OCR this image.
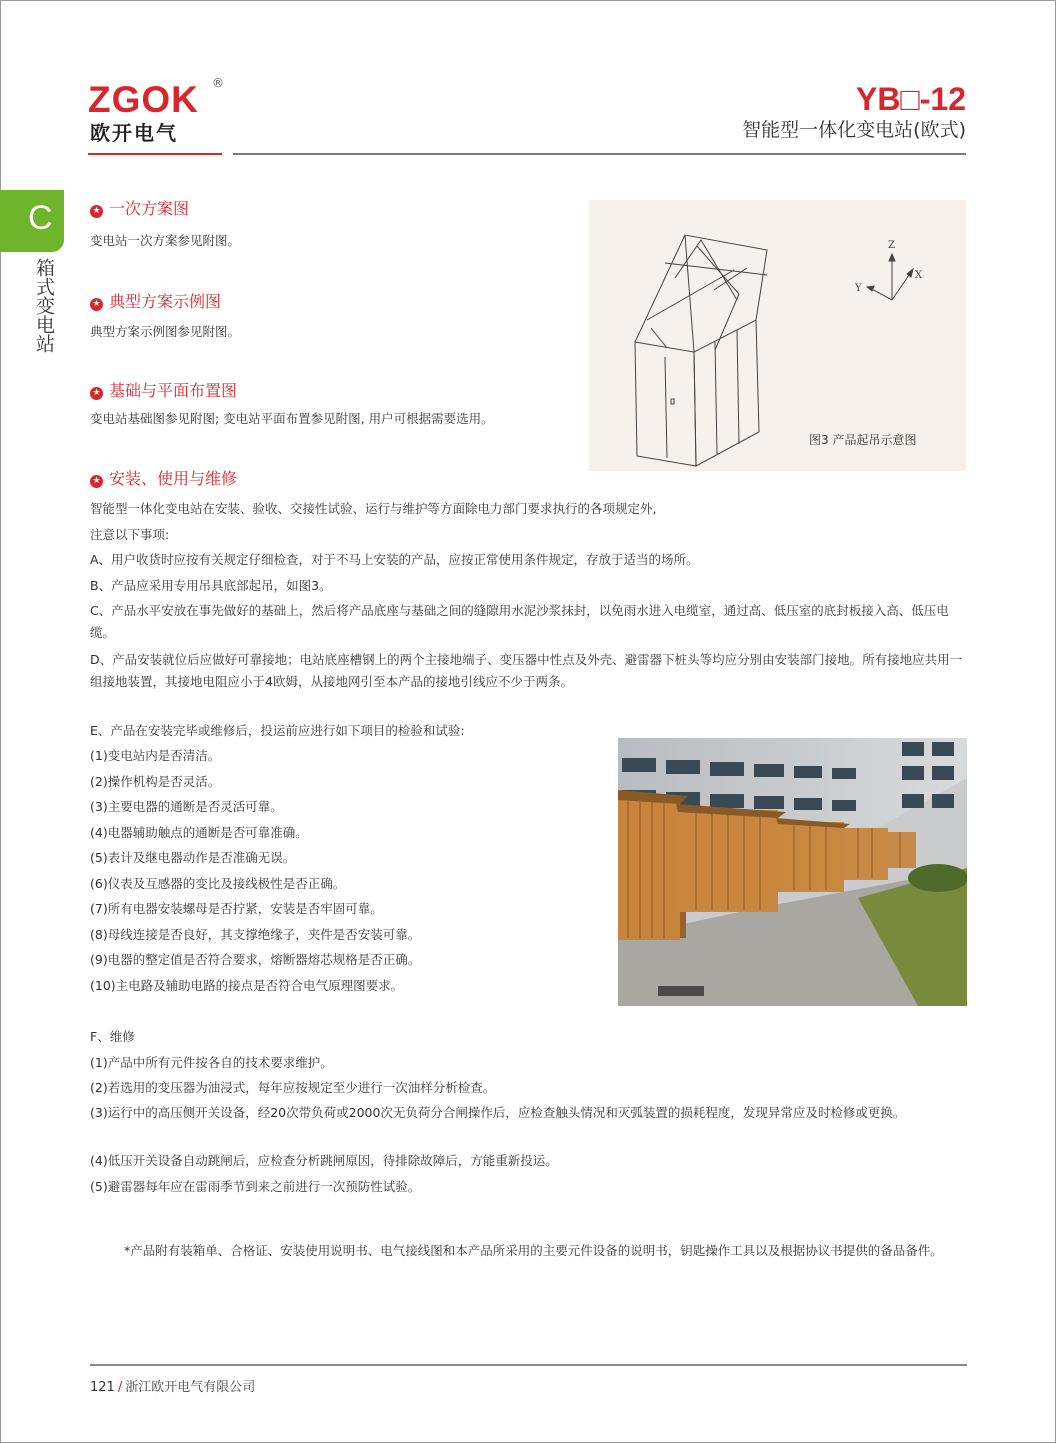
ZGOK ®
欧开电气
YB□-12
智能型一体化变电站(欧式)
C
箱式变电站
★ 一次方案图
变电站一次方案参见附图。
★ 典型方案示例图
典型方案示例图参见附图。
★ 基础与平面布置图
变电站基础图参见附图; 变电站平面布置参见附图, 用户可根据需要选用。
Z
X
Y
图3 产品起吊示意图
★ 安装、使用与维修
智能型一体化变电站在安装、验收、交接性试验、运行与维护等方面除电力部门要求执行的各项规定外,
注意以下事项:
A、用户收货时应按有关规定仔细检查，对于不马上安装的产品，应按正常使用条件规定，存放于适当的场所。
B、产品应采用专用吊具底部起吊，如图3。
C、产品水平安放在事先做好的基础上，然后将产品底座与基础之间的缝隙用水泥沙浆抹封，以免雨水进入电缆室，通过高、低压室的底封板接入高、低压电缆。
D、产品安装就位后应做好可靠接地；电站底座槽钢上的两个主接地端子、变压器中性点及外壳、避雷器下桩头等均应分别由安装部门接地。所有接地应共用一组接地装置，其接地电阻应小于4欧姆，从接地网引至本产品的接地引线应不少于两条。
E、产品在安装完毕或维修后，投运前应进行如下项目的检验和试验:
(1)变电站内是否清洁。
(2)操作机构是否灵活。
(3)主要电器的通断是否灵活可靠。
(4)电器辅助触点的通断是否可靠准确。
(5)表计及继电器动作是否准确无误。
(6)仪表及互感器的变比及接线极性是否正确。
(7)所有电器安装螺母是否拧紧，安装是否牢固可靠。
(8)母线连接是否良好，其支撑绝缘子，夹件是否安装可靠。
(9)电器的整定值是否符合要求，熔断器熔芯规格是否正确。
(10)主电路及辅助电路的接点是否符合电气原理图要求。
F、维修
(1)产品中所有元件按各自的技术要求维护。
(2)若选用的变压器为油浸式，每年应按规定至少进行一次油样分析检查。
(3)运行中的高压侧开关设备，经20次带负荷或2000次无负荷分合闸操作后，应检查触头情况和灭弧装置的损耗程度，发现异常应及时检修或更换。
(4)低压开关设备自动跳闸后，应检查分析跳闸原因，待排除故障后，方能重新投运。
(5)避雷器每年应在雷雨季节到来之前进行一次预防性试验。
*产品附有装箱单、合格证、安装使用说明书、电气接线图和本产品所采用的主要元件设备的说明书，钥匙操作工具以及根据协议书提供的备品备件。
121 / 浙江欧开电气有限公司
